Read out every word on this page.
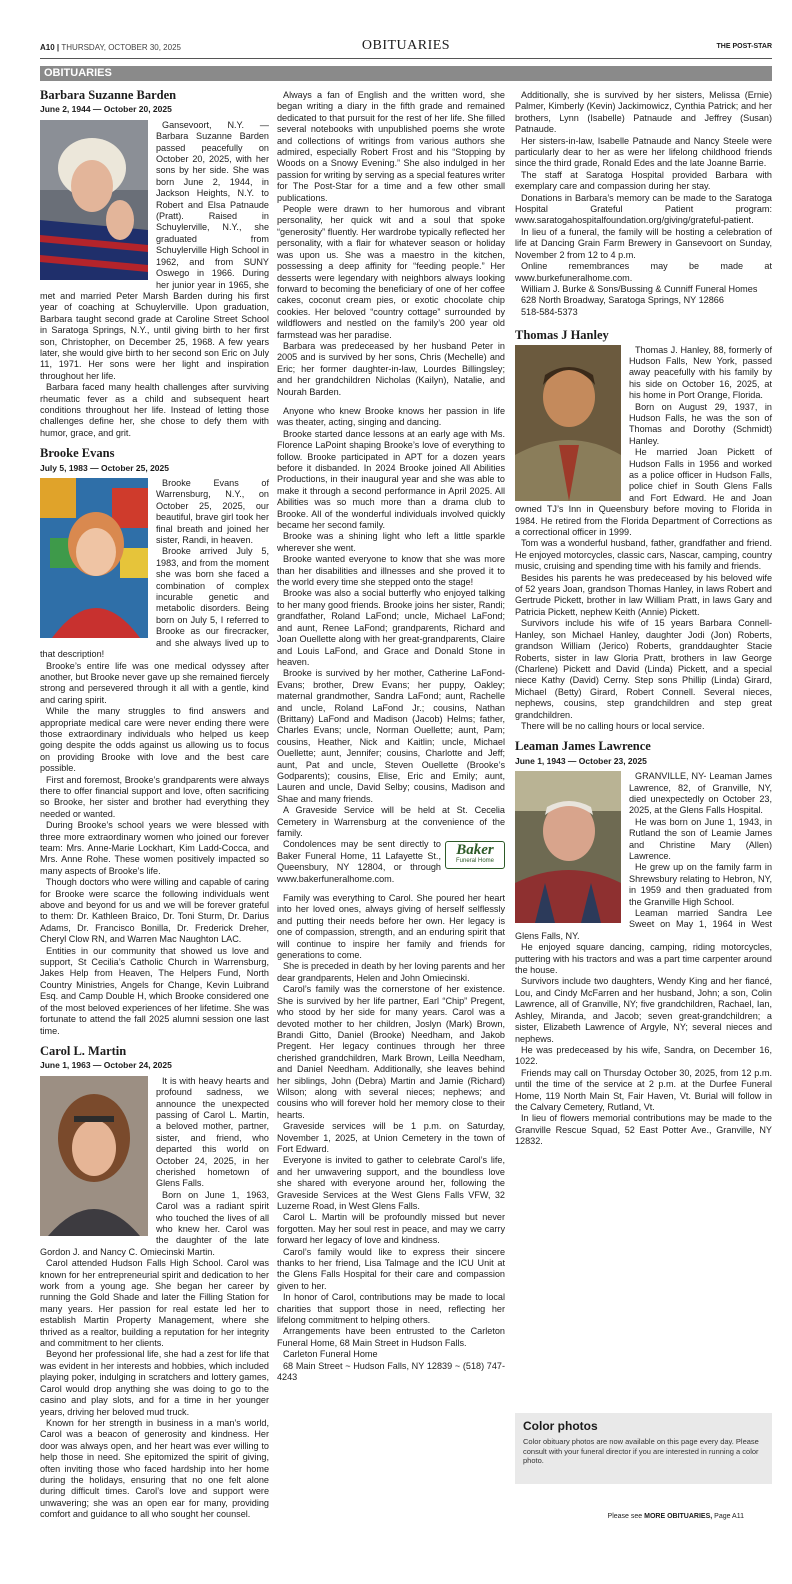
A10 | THURSDAY, OCTOBER 30, 2025	OBITUARIES	THE POST-STAR
OBITUARIES
Barbara Suzanne Barden
June 2, 1944 — October 20, 2025

Gansevoort, N.Y. — Barbara Suzanne Barden passed peacefully on October 20, 2025, with her sons by her side. She was born June 2, 1944, in Jackson Heights, N.Y. to Robert and Elsa Patnaude (Pratt). Raised in Schuylerville, N.Y., she graduated from Schuylerville High School in 1962, and from SUNY Oswego in 1966. During her junior year in 1965, she met and married Peter Marsh Barden during his first year of coaching at Schuylerville. Upon graduation, Barbara taught second grade at Caroline Street School in Saratoga Springs, N.Y., until giving birth to her first son, Christopher, on December 25, 1968. A few years later, she would give birth to her second son Eric on July 11, 1971. Her sons were her light and inspiration throughout her life.

Barbara faced many health challenges after surviving rheumatic fever as a child and subsequent heart conditions throughout her life. Instead of letting those challenges define her, she chose to defy them with humor, grace, and grit.

Brooke Evans
July 5, 1983 — October 25, 2025

Brooke Evans of Warrensburg, N.Y., on October 25, 2025, our beautiful, brave girl took her final breath and joined her sister, Randi, in heaven.

Brooke arrived July 5, 1983, and from the moment she was born she faced a combination of complex incurable genetic and metabolic disorders. Being born on July 5, I referred to Brooke as our firecracker, and she always lived up to that description!

Brooke’s entire life was one medical odyssey after another, but Brooke never gave up she remained fiercely strong and persevered through it all with a gentle, kind and caring spirit.

While the many struggles to find answers and appropriate medical care were never ending there were those extraordinary individuals who helped us keep going despite the odds against us allowing us to focus on providing Brooke with love and the best care possible.

First and foremost, Brooke’s grandparents were always there to offer financial support and love, often sacrificing so Brooke, her sister and brother had everything they needed or wanted.

During Brooke’s school years we were blessed with three more extraordinary women who joined our forever team: Mrs. Anne-Marie Lockhart, Kim Ladd-Cocca, and Mrs. Anne Rohe. These women positively impacted so many aspects of Brooke’s life.

Though doctors who were willing and capable of caring for Brooke were scarce the following individuals went above and beyond for us and we will be forever grateful to them: Dr. Kathleen Braico, Dr. Toni Sturm, Dr. Darius Adams, Dr. Francisco Bonilla, Dr. Frederick Dreher, Cheryl Clow RN, and Warren Mac Naughton LAC.

Entities in our community that showed us love and support, St Cecilia’s Catholic Church in Warrensburg, Jakes Help from Heaven, The Helpers Fund, North Country Ministries, Angels for Change, Kevin Luibrand Esq. and Camp Double H, which Brooke considered one of the most beloved experiences of her lifetime. She was fortunate to attend the fall 2025 alumni session one last time.

Carol L. Martin
June 1, 1963 — October 24, 2025

It is with heavy hearts and profound sadness, we announce the unexpected passing of Carol L. Martin, a beloved mother, partner, sister, and friend, who departed this world on October 24, 2025, in her cherished hometown of Glens Falls.

Born on June 1, 1963, Carol was a radiant spirit who touched the lives of all who knew her. Carol was the daughter of the late Gordon J. and Nancy C. Omiecinski Martin.

Carol attended Hudson Falls High School. Carol was known for her entrepreneurial spirit and dedication to her work from a young age. She began her career by running the Gold Shade and later the Filling Station for many years. Her passion for real estate led her to establish Martin Property Management, where she thrived as a realtor, building a reputation for her integrity and commitment to her clients.

Beyond her professional life, she had a zest for life that was evident in her interests and hobbies, which included playing poker, indulging in scratchers and lottery games, Carol would drop anything she was doing to go to the casino and play slots, and for a time in her younger years, driving her beloved mud truck.

Known for her strength in business in a man’s world, Carol was a beacon of generosity and kindness. Her door was always open, and her heart was ever willing to help those in need. She epitomized the spirit of giving, often inviting those who faced hardship into her home during the holidays, ensuring that no one felt alone during difficult times. Carol’s love and support were unwavering; she was an open ear for many, providing comfort and guidance to all who sought her counsel.

Always a fan of English and the written word, she began writing a diary in the fifth grade and remained dedicated to that pursuit for the rest of her life. She filled several notebooks with unpublished poems she wrote and collections of writings from various authors she admired, especially Robert Frost and his “Stopping by Woods on a Snowy Evening.” She also indulged in her passion for writing by serving as a special features writer for The Post-Star for a time and a few other small publications.

People were drawn to her humorous and vibrant personality, her quick wit and a soul that spoke “generosity” fluently. Her wardrobe typically reflected her personality, with a flair for whatever season or holiday was upon us. She was a maestro in the kitchen, possessing a deep affinity for “feeding people.” Her desserts were legendary with neighbors always looking forward to becoming the beneficiary of one of her coffee cakes, coconut cream pies, or exotic chocolate chip cookies. Her beloved “country cottage” surrounded by wildflowers and nestled on the family’s 200 year old farmstead was her paradise.

Barbara was predeceased by her husband Peter in 2005 and is survived by her sons, Chris (Mechelle) and Eric; her former daughter-in-law, Lourdes Billingsley; and her grandchildren Nicholas (Kailyn), Natalie, and Nourah Barden.

Anyone who knew Brooke knows her passion in life was theater, acting, singing and dancing.

Brooke started dance lessons at an early age with Ms. Florence LaPoint shaping Brooke’s love of everything to follow. Brooke participated in APT for a dozen years before it disbanded. In 2024 Brooke joined All Abilities Productions, in their inaugural year and she was able to make it through a second performance in April 2025. All Abilities was so much more than a drama club to Brooke. All of the wonderful individuals involved quickly became her second family.

Brooke was a shining light who left a little sparkle wherever she went.

Brooke wanted everyone to know that she was more than her disabilities and illnesses and she proved it to the world every time she stepped onto the stage!

Brooke was also a social butterfly who enjoyed talking to her many good friends. Brooke joins her sister, Randi; grandfather, Roland LaFond; uncle, Michael LaFond; and aunt, Renee LaFond; grandparents, Richard and Joan Ouellette along with her great-grandparents, Claire and Louis LaFond, and Grace and Donald Stone in heaven.

Brooke is survived by her mother, Catherine LaFond-Evans; brother, Drew Evans; her puppy, Oakley; maternal grandmother, Sandra LaFond; aunt, Rachelle and uncle, Roland LaFond Jr.; cousins, Nathan (Brittany) LaFond and Madison (Jacob) Helms; father, Charles Evans; uncle, Norman Ouellette; aunt, Pam; cousins, Heather, Nick and Kaitlin; uncle, Michael Ouellette; aunt, Jennifer; cousins, Charlotte and Jeff; aunt, Pat and uncle, Steven Ouellette (Brooke’s Godparents); cousins, Elise, Eric and Emily; aunt, Lauren and uncle, David Selby; cousins, Madison and Shae and many friends.

A Graveside Service will be held at St. Cecelia Cemetery in Warrensburg at the convenience of the family.

Baker
Funeral Home

Condolences may be sent directly to Baker Funeral Home, 11 Lafayette St., Queensbury, NY 12804, or through www.bakerfuneralhome.com.

Family was everything to Carol. She poured her heart into her loved ones, always giving of herself selflessly and putting their needs before her own. Her legacy is one of compassion, strength, and an enduring spirit that will continue to inspire her family and friends for generations to come.

She is preceded in death by her loving parents and her dear grandparents, Helen and John Omiecinski.

Carol’s family was the cornerstone of her existence. She is survived by her life partner, Earl “Chip” Pregent, who stood by her side for many years. Carol was a devoted mother to her children, Joslyn (Mark) Brown, Brandi Gitto, Daniel (Brooke) Needham, and Jakob Pregent. Her legacy continues through her three cherished grandchildren, Mark Brown, Leilla Needham, and Daniel Needham. Additionally, she leaves behind her siblings, John (Debra) Martin and Jamie (Richard) Wilson; along with several nieces; nephews; and cousins who will forever hold her memory close to their hearts.

Graveside services will be 1 p.m. on Saturday, November 1, 2025, at Union Cemetery in the town of Fort Edward.

Everyone is invited to gather to celebrate Carol’s life, and her unwavering support, and the boundless love she shared with everyone around her, following the Graveside Services at the West Glens Falls VFW, 32 Luzerne Road, in West Glens Falls.

Carol L. Martin will be profoundly missed but never forgotten. May her soul rest in peace, and may we carry forward her legacy of love and kindness.

Carol’s family would like to express their sincere thanks to her friend, Lisa Talmage and the ICU Unit at the Glens Falls Hospital for their care and compassion given to her.

In honor of Carol, contributions may be made to local charities that support those in need, reflecting her lifelong commitment to helping others.

Arrangements have been entrusted to the Carleton Funeral Home, 68 Main Street in Hudson Falls.

Carleton Funeral Home

68 Main Street ~ Hudson Falls, NY 12839 ~ (518) 747-4243

Additionally, she is survived by her sisters, Melissa (Ernie) Palmer, Kimberly (Kevin) Jackimowicz, Cynthia Patrick; and her brothers, Lynn (Isabelle) Patnaude and Jeffrey (Susan) Patnaude.

Her sisters-in-law, Isabelle Patnaude and Nancy Steele were particularly dear to her as were her lifelong childhood friends since the third grade, Ronald Edes and the late Joanne Barrie.

The staff at Saratoga Hospital provided Barbara with exemplary care and compassion during her stay.

Donations in Barbara’s memory can be made to the Saratoga Hospital Grateful Patient program: www.saratogahospitalfoundation.org/giving/grateful-patient.

In lieu of a funeral, the family will be hosting a celebration of life at Dancing Grain Farm Brewery in Gansevoort on Sunday, November 2 from 12 to 4 p.m.

Online remembrances may be made at www.burkefuneralhome.com.

William J. Burke & Sons/Bussing & Cunniff Funeral Homes

628 North Broadway, Saratoga Springs, NY 12866

518-584-5373

Thomas J Hanley

Thomas J. Hanley, 88, formerly of Hudson Falls, New York, passed away peacefully with his family by his side on October 16, 2025, at his home in Port Orange, Florida.

Born on August 29, 1937, in Hudson Falls, he was the son of Thomas and Dorothy (Schmidt) Hanley.

He married Joan Pickett of Hudson Falls in 1956 and worked as a police officer in Hudson Falls, police chief in South Glens Falls and Fort Edward. He and Joan owned TJ’s Inn in Queensbury before moving to Florida in 1984. He retired from the Florida Department of Corrections as a correctional officer in 1999.

Tom was a wonderful husband, father, grandfather and friend. He enjoyed motorcycles, classic cars, Nascar, camping, country music, cruising and spending time with his family and friends.

Besides his parents he was predeceased by his beloved wife of 52 years Joan, grandson Thomas Hanley, in laws Robert and Gertrude Pickett, brother in law William Pratt, in laws Gary and Patricia Pickett, nephew Keith (Annie) Pickett.

Survivors include his wife of 15 years Barbara Connell-Hanley, son Michael Hanley, daughter Jodi (Jon) Roberts, grandson William (Jerico) Roberts, granddaughter Stacie Roberts, sister in law Gloria Pratt, brothers in law George (Charlene) Pickett and David (Linda) Pickett, and a special niece Kathy (David) Cerny. Step sons Phillip (Linda) Girard, Michael (Betty) Girard, Robert Connell. Several nieces, nephews, cousins, step grandchildren and step great grandchildren.

There will be no calling hours or local service.

Leaman James Lawrence
June 1, 1943 — October 23, 2025

GRANVILLE, NY- Leaman James Lawrence, 82, of Granville, NY, died unexpectedly on October 23, 2025, at the Glens Falls Hospital.

He was born on June 1, 1943, in Rutland the son of Leamie James and Christine Mary (Allen) Lawrence.

He grew up on the family farm in Shrewsbury relating to Hebron, NY, in 1959 and then graduated from the Granville High School.

Leaman married Sandra Lee Sweet on May 1, 1964 in West Glens Falls, NY.

He enjoyed square dancing, camping, riding motorcycles, puttering with his tractors and was a part time carpenter around the house.

Survivors include two daughters, Wendy King and her fiancé, Lou, and Cindy McFarren and her husband, John; a son, Colin Lawrence, all of Granville, NY; five grandchildren, Rachael, Ian, Ashley, Miranda, and Jacob; seven great-grandchildren; a sister, Elizabeth Lawrence of Argyle, NY; several nieces and nephews.

He was predeceased by his wife, Sandra, on December 16, 1022.

Friends may call on Thursday October 30, 2025, from 12 p.m. until the time of the service at 2 p.m. at the Durfee Funeral Home, 119 North Main St, Fair Haven, Vt. Burial will follow in the Calvary Cemetery, Rutland, Vt.

In lieu of flowers memorial contributions may be made to the Granville Rescue Squad, 52 East Potter Ave., Granville, NY 12832.

Color photos

Color obituary photos are now available on this page every day. Please consult with your funeral director if you are interested in running a color photo.

Please see MORE OBITUARIES, Page A11
